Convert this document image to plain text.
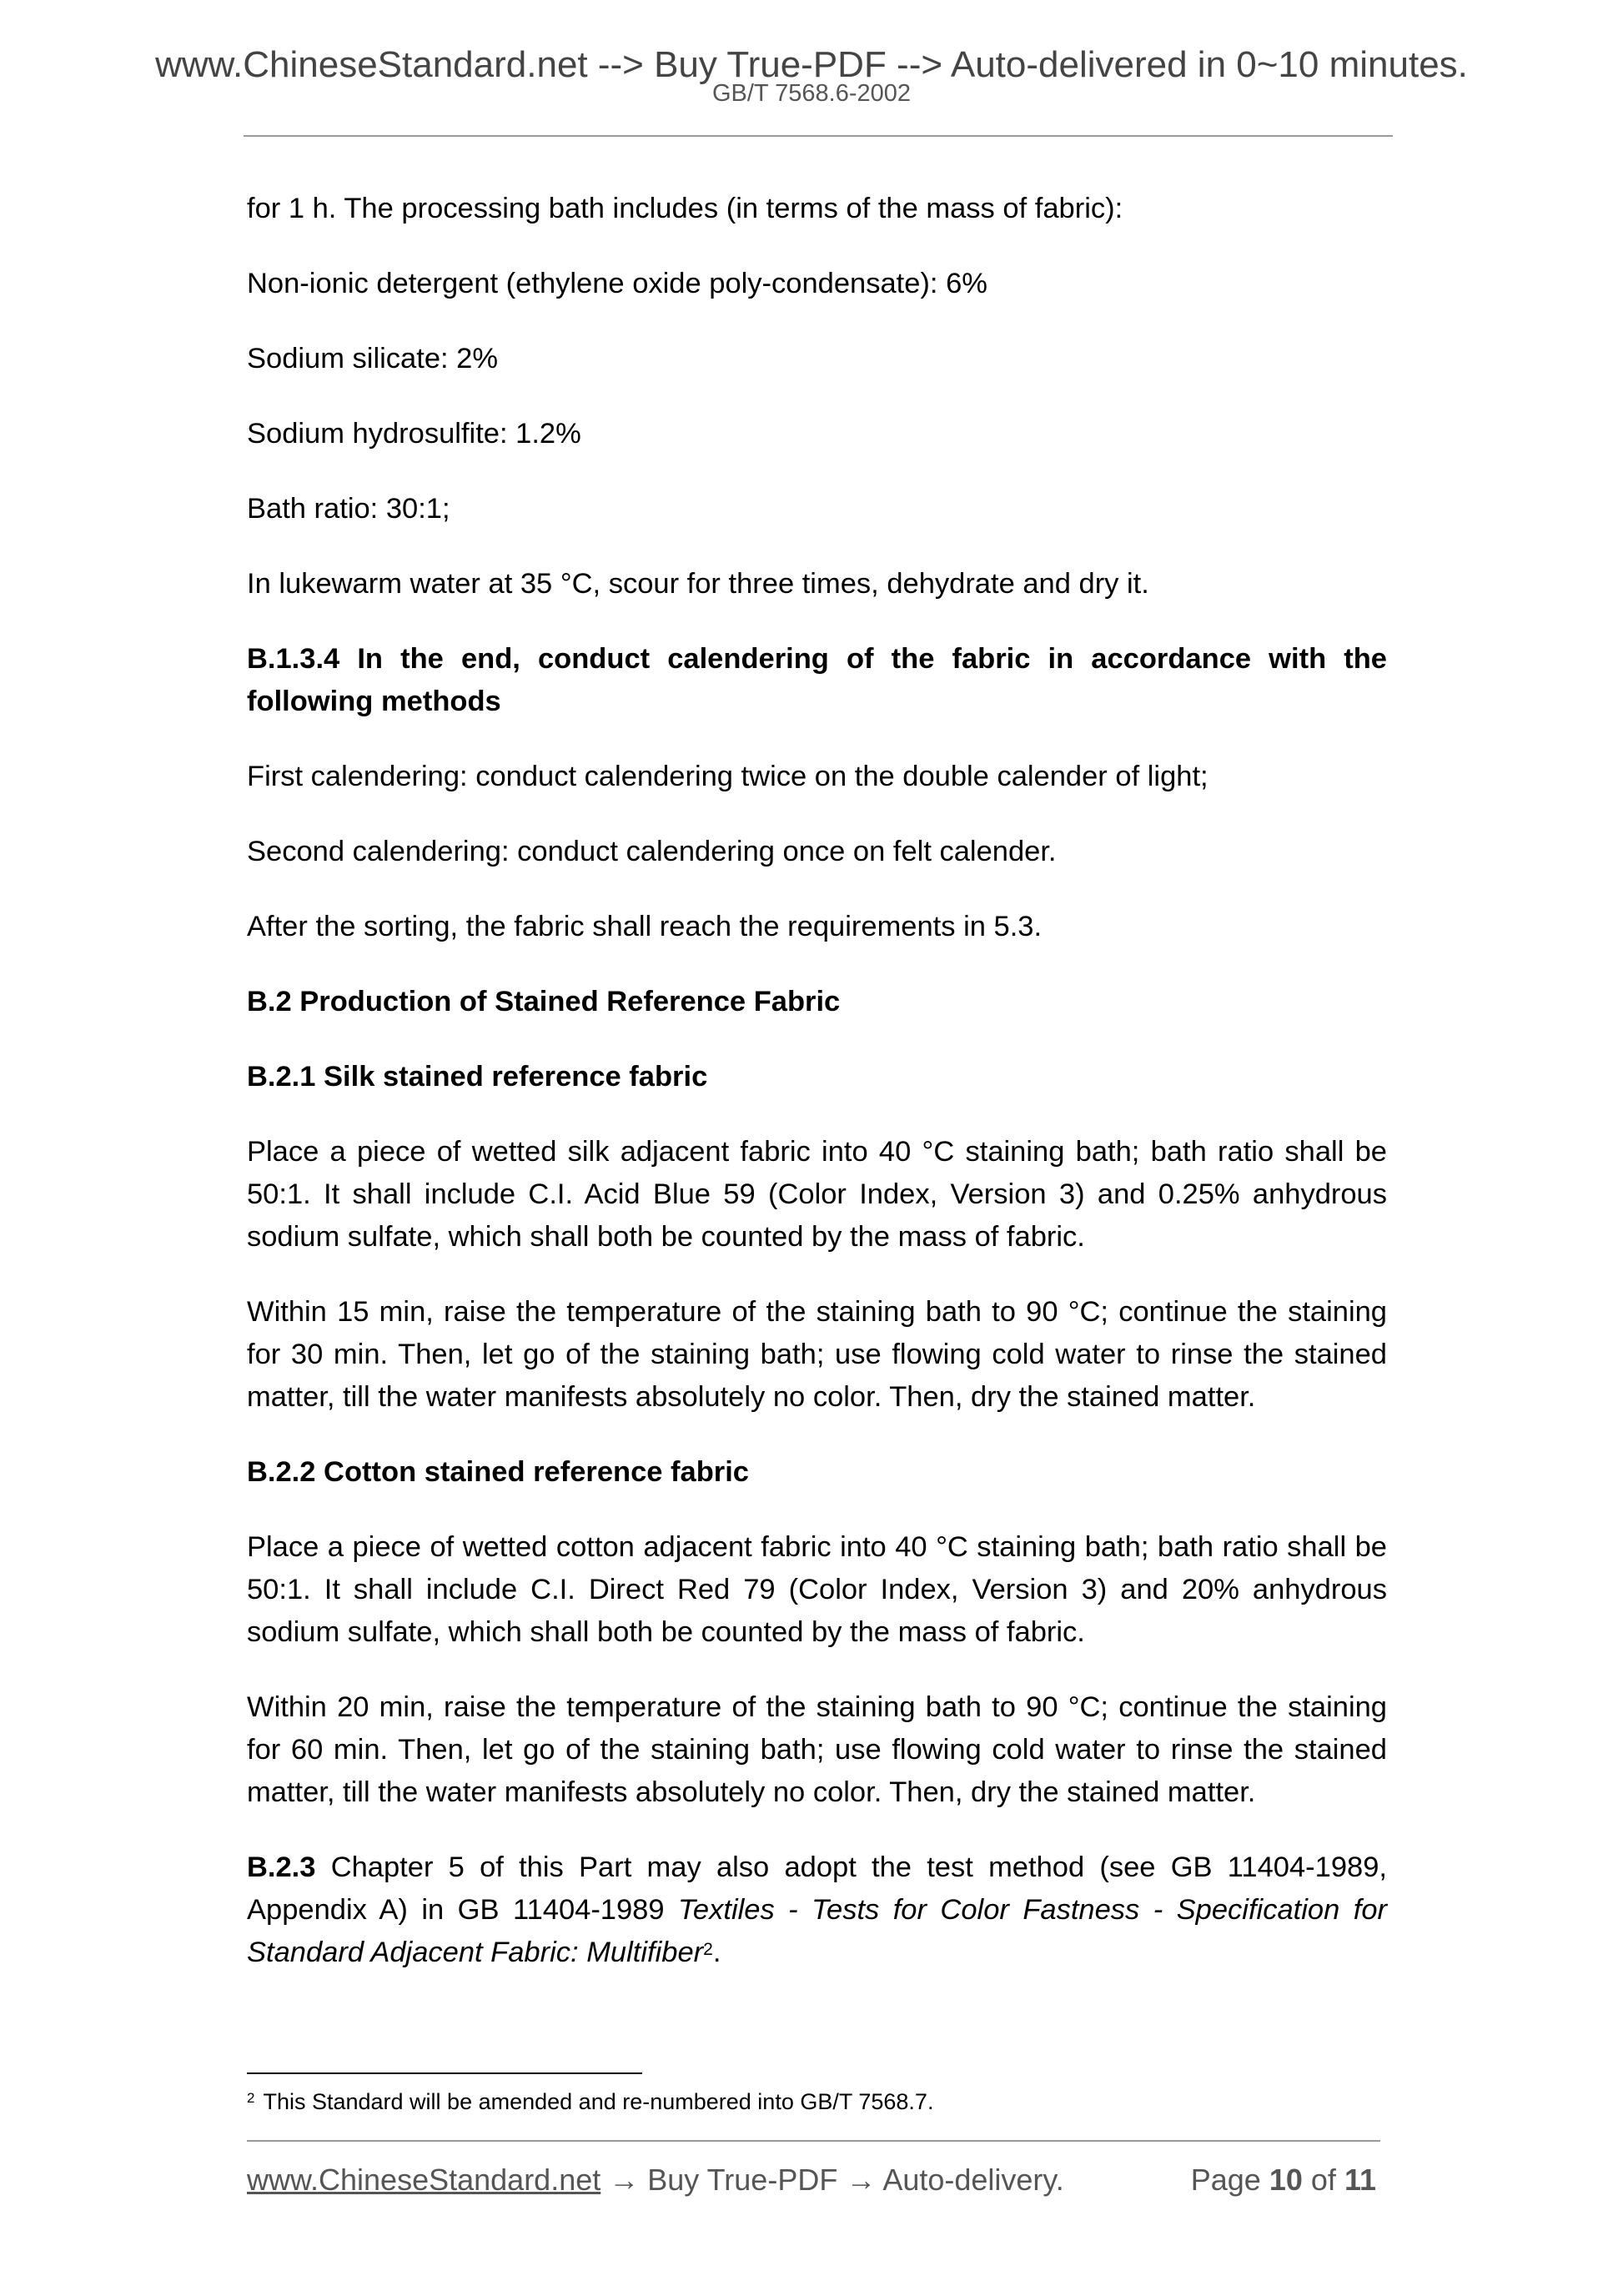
www.ChineseStandard.net --> Buy True-PDF --> Auto-delivered in 0~10 minutes.
GB/T 7568.6-2002

for 1 h. The processing bath includes (in terms of the mass of fabric):

Non-ionic detergent (ethylene oxide poly-condensate): 6%

Sodium silicate: 2%

Sodium hydrosulfite: 1.2%

Bath ratio: 30:1;

In lukewarm water at 35 °C, scour for three times, dehydrate and dry it.

B.1.3.4 In the end, conduct calendering of the fabric in accordance with the following methods

First calendering: conduct calendering twice on the double calender of light;

Second calendering: conduct calendering once on felt calender.

After the sorting, the fabric shall reach the requirements in 5.3.

B.2 Production of Stained Reference Fabric

B.2.1 Silk stained reference fabric

Place a piece of wetted silk adjacent fabric into 40 °C staining bath; bath ratio shall be 50:1. It shall include C.I. Acid Blue 59 (Color Index, Version 3) and 0.25% anhydrous sodium sulfate, which shall both be counted by the mass of fabric.

Within 15 min, raise the temperature of the staining bath to 90 °C; continue the staining for 30 min. Then, let go of the staining bath; use flowing cold water to rinse the stained matter, till the water manifests absolutely no color. Then, dry the stained matter.

B.2.2 Cotton stained reference fabric

Place a piece of wetted cotton adjacent fabric into 40 °C staining bath; bath ratio shall be 50:1. It shall include C.I. Direct Red 79 (Color Index, Version 3) and 20% anhydrous sodium sulfate, which shall both be counted by the mass of fabric.

Within 20 min, raise the temperature of the staining bath to 90 °C; continue the staining for 60 min. Then, let go of the staining bath; use flowing cold water to rinse the stained matter, till the water manifests absolutely no color. Then, dry the stained matter.

B.2.3 Chapter 5 of this Part may also adopt the test method (see GB 11404-1989, Appendix A) in GB 11404-1989 Textiles - Tests for Color Fastness - Specification for Standard Adjacent Fabric: Multifiber$^2$.

$^2$ This Standard will be amended and re-numbered into GB/T 7568.7.
www.ChineseStandard.net → Buy True-PDF → Auto-delivery.	Page 10 of 11
